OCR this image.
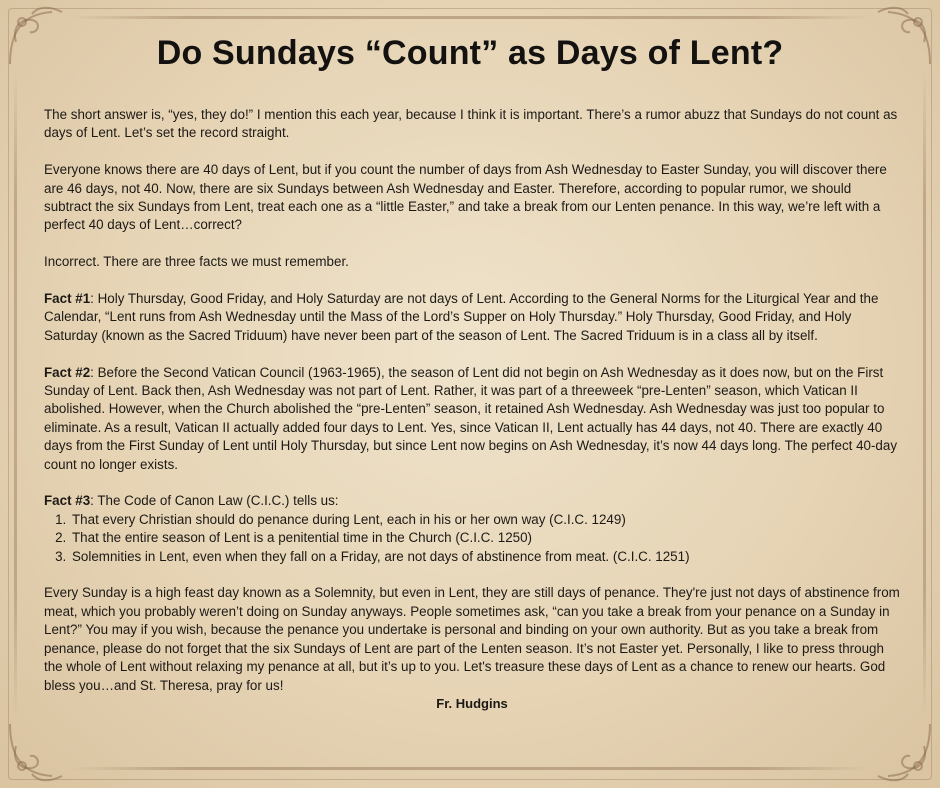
Do Sundays “Count” as Days of Lent?

The short answer is, “yes, they do!” I mention this each year, because I think it is important. There’s a rumor abuzz that Sundays do not count as days of Lent. Let’s set the record straight.

Everyone knows there are 40 days of Lent, but if you count the number of days from Ash Wednesday to Easter Sunday, you will discover there are 46 days, not 40. Now, there are six Sundays between Ash Wednesday and Easter. Therefore, according to popular rumor, we should subtract the six Sundays from Lent, treat each one as a “little Easter,” and take a break from our Lenten penance. In this way, we’re left with a perfect 40 days of Lent…correct?

Incorrect. There are three facts we must remember.

Fact #1: Holy Thursday, Good Friday, and Holy Saturday are not days of Lent. According to the General Norms for the Liturgical Year and the Calendar, “Lent runs from Ash Wednesday until the Mass of the Lord’s Supper on Holy Thursday.” Holy Thursday, Good Friday, and Holy Saturday (known as the Sacred Triduum) have never been part of the season of Lent. The Sacred Triduum is in a class all by itself.

Fact #2: Before the Second Vatican Council (1963-1965), the season of Lent did not begin on Ash Wednesday as it does now, but on the First Sunday of Lent. Back then, Ash Wednesday was not part of Lent. Rather, it was part of a threeweek “pre-Lenten” season, which Vatican II abolished. However, when the Church abolished the “pre-Lenten” season, it retained Ash Wednesday. Ash Wednesday was just too popular to eliminate. As a result, Vatican II actually added four days to Lent. Yes, since Vatican II, Lent actually has 44 days, not 40. There are exactly 40 days from the First Sunday of Lent until Holy Thursday, but since Lent now begins on Ash Wednesday, it’s now 44 days long. The perfect 40-day count no longer exists.

Fact #3: The Code of Canon Law (C.I.C.) tells us:

1. That every Christian should do penance during Lent, each in his or her own way (C.I.C. 1249)
2. That the entire season of Lent is a penitential time in the Church (C.I.C. 1250)
3. Solemnities in Lent, even when they fall on a Friday, are not days of abstinence from meat. (C.I.C. 1251)

Every Sunday is a high feast day known as a Solemnity, but even in Lent, they are still days of penance. They're just not days of abstinence from meat, which you probably weren’t doing on Sunday anyways. People sometimes ask, “can you take a break from your penance on a Sunday in Lent?” You may if you wish, because the penance you undertake is personal and binding on your own authority. But as you take a break from penance, please do not forget that the six Sundays of Lent are part of the Lenten season. It’s not Easter yet. Personally, I like to press through the whole of Lent without relaxing my penance at all, but it’s up to you. Let's treasure these days of Lent as a chance to renew our hearts. God bless you…and St. Theresa, pray for us!

Fr. Hudgins
